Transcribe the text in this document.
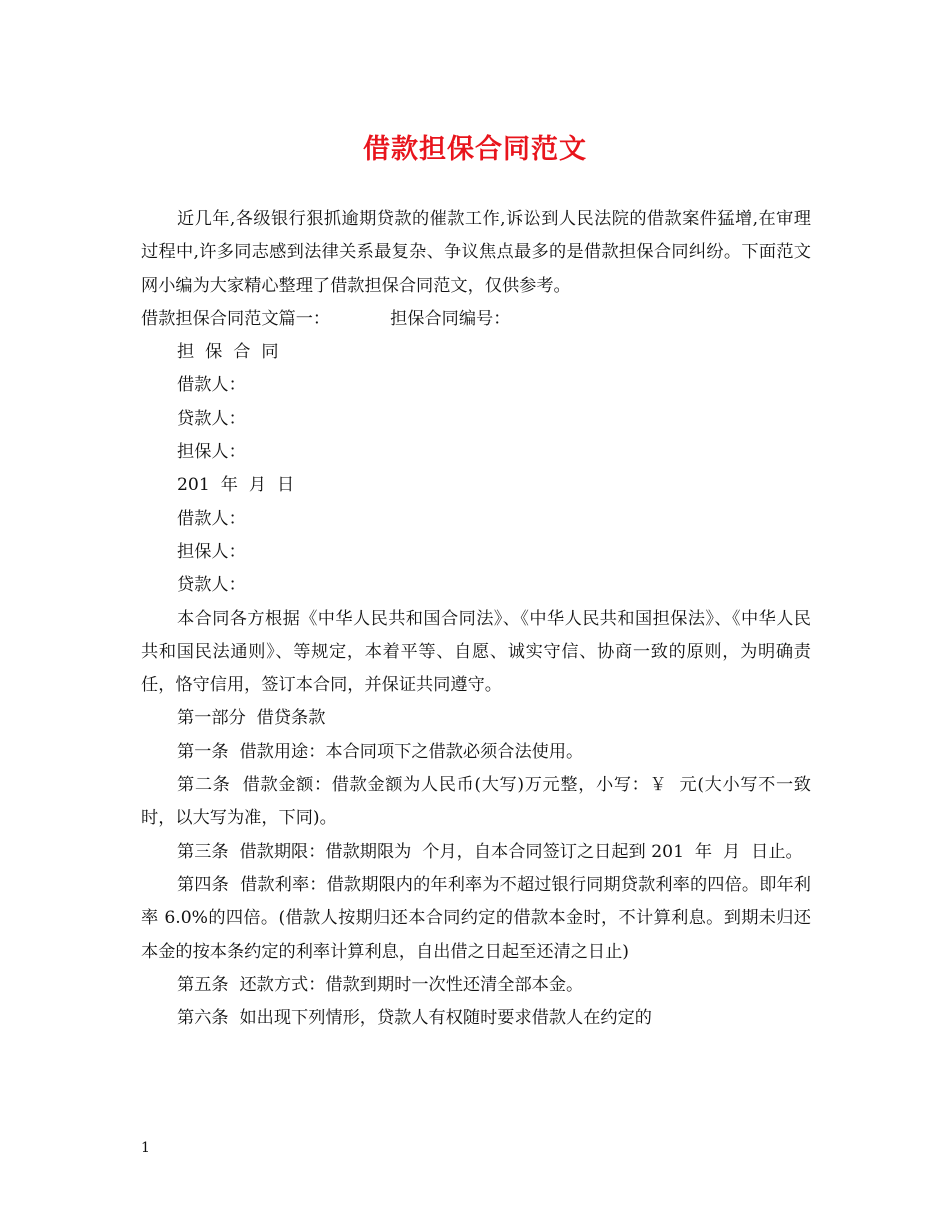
借款担保合同范文

近几年,各级银行狠抓逾期贷款的催款工作,诉讼到人民法院的借款案件猛增,在审理过程中,许多同志感到法律关系最复杂、争议焦点最多的是借款担保合同纠纷。下面范文网小编为大家精心整理了借款担保合同范文，仅供参考。

借款担保合同范文篇一：	担保合同编号：

担  保  合  同

借款人：

贷款人：

担保人：

201  年  月  日

借款人：

担保人：

贷款人：

本合同各方根据《中华人民共和国合同法》、《中华人民共和国担保法》、《中华人民共和国民法通则》、等规定，本着平等、自愿、诚实守信、协商一致的原则，为明确责任，恪守信用，签订本合同，并保证共同遵守。

第一部分  借贷条款

第一条  借款用途：本合同项下之借款必须合法使用。

第二条  借款金额：借款金额为人民币(大写)万元整，小写：￥  元(大小写不一致时，以大写为准，下同)。

第三条  借款期限：借款期限为  个月，自本合同签订之日起到 201  年  月  日止。

第四条  借款利率：借款期限内的年利率为不超过银行同期贷款利率的四倍。即年利率 6.0%的四倍。(借款人按期归还本合同约定的借款本金时，不计算利息。到期未归还本金的按本条约定的利率计算利息，自出借之日起至还清之日止)

第五条  还款方式：借款到期时一次性还清全部本金。

第六条  如出现下列情形，贷款人有权随时要求借款人在约定的

1
